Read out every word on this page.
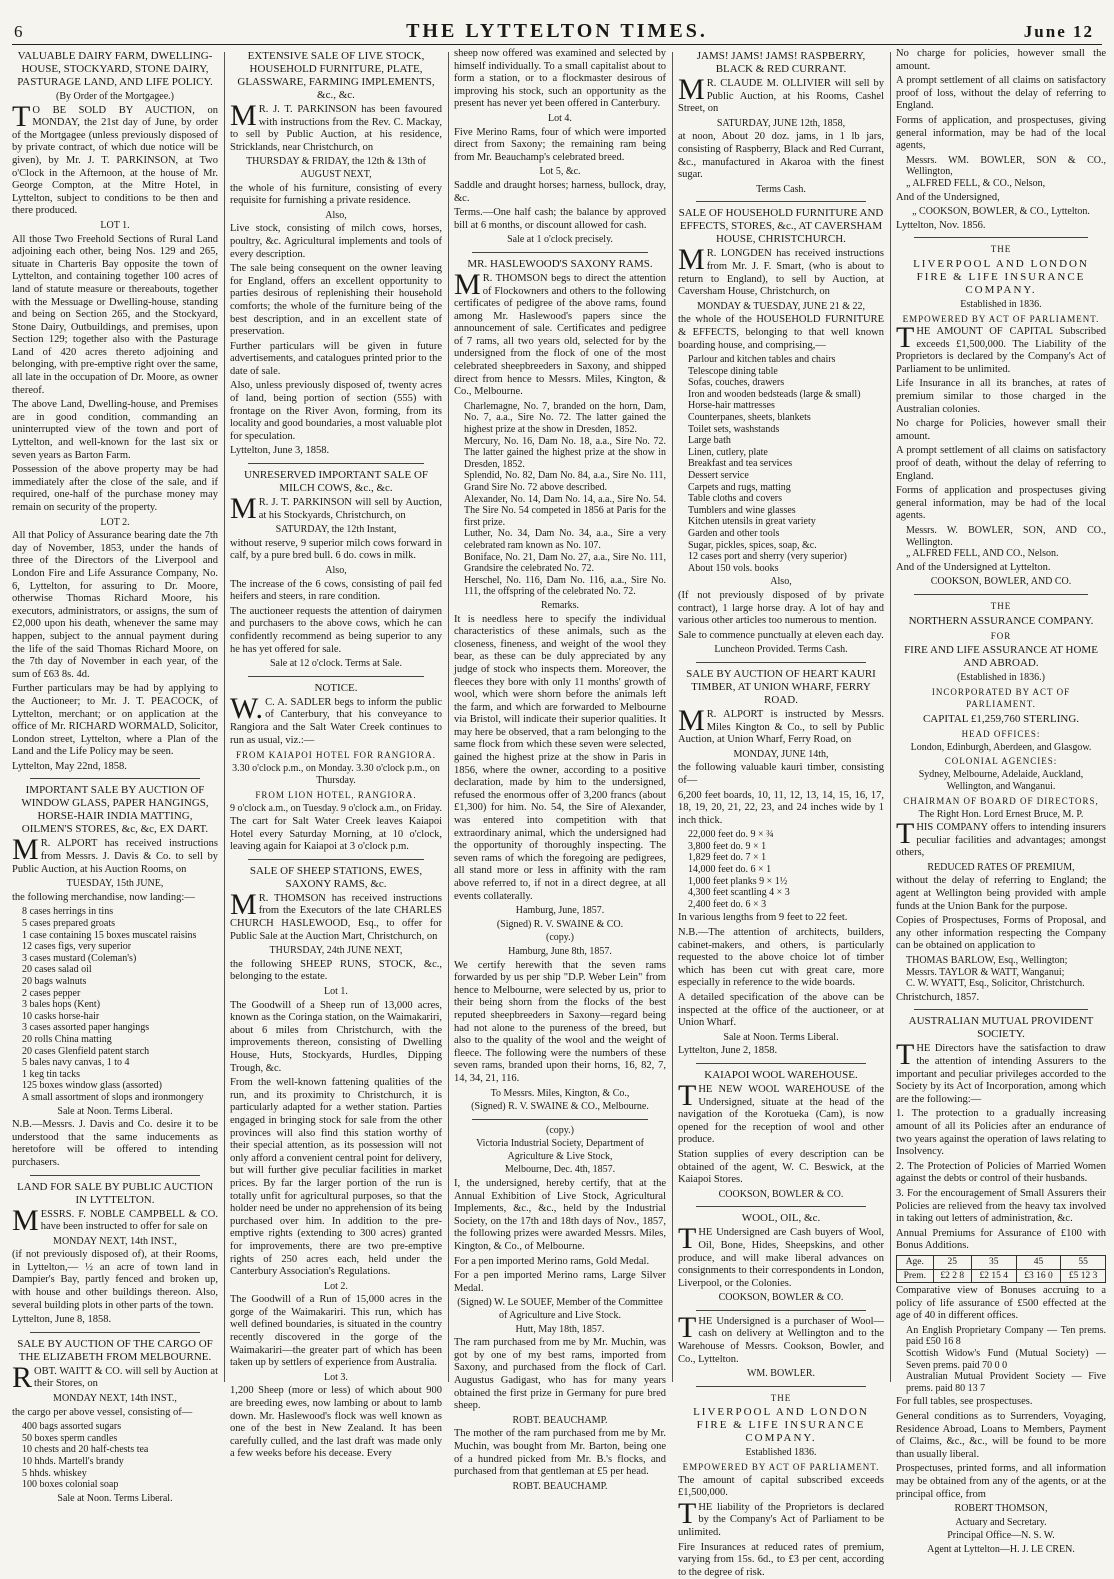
6	THE LYTTELTON TIMES.	June 12
VALUABLE DAIRY FARM, DWELLING-HOUSE, STOCKYARD, STONE DAIRY, PASTURAGE LAND, AND LIFE POLICY.
(By Order of the Mortgagee.)

TO BE SOLD BY AUCTION, on MONDAY, the 21st day of June, by order of the Mortgagee (unless previously disposed of by private contract, of which due notice will be given), by Mr. J. T. PARKINSON, at Two o'Clock in the Afternoon, at the house of Mr. George Compton, at the Mitre Hotel, in Lyttelton, subject to conditions to be then and there produced.

LOT 1.

All those Two Freehold Sections of Rural Land adjoining each other, being Nos. 129 and 265, situate in Charteris Bay opposite the town of Lyttelton, and containing together 100 acres of land of statute measure or thereabouts, together with the Messuage or Dwelling-house, standing and being on Section 265, and the Stockyard, Stone Dairy, Outbuildings, and premises, upon Section 129; together also with the Pasturage Land of 420 acres thereto adjoining and belonging, with pre-emptive right over the same, all late in the occupation of Dr. Moore, as owner thereof.

The above Land, Dwelling-house, and Premises are in good condition, commanding an uninterrupted view of the town and port of Lyttelton, and well-known for the last six or seven years as Barton Farm.

Possession of the above property may be had immediately after the close of the sale, and if required, one-half of the purchase money may remain on security of the property.

LOT 2.

All that Policy of Assurance bearing date the 7th day of November, 1853, under the hands of three of the Directors of the Liverpool and London Fire and Life Assurance Company, No. 6, Lyttelton, for assuring to Dr. Moore, otherwise Thomas Richard Moore, his executors, administrators, or assigns, the sum of £2,000 upon his death, whenever the same may happen, subject to the annual payment during the life of the said Thomas Richard Moore, on the 7th day of November in each year, of the sum of £63 8s. 4d.

Further particulars may be had by applying to the Auctioneer; to Mr. J. T. PEACOCK, of Lyttelton, merchant; or on application at the office of Mr. RICHARD WORMALD, Solicitor, London street, Lyttelton, where a Plan of the Land and the Life Policy may be seen.

Lyttelton, May 22nd, 1858.

IMPORTANT SALE BY AUCTION OF WINDOW GLASS, PAPER HANGINGS, HORSE-HAIR INDIA MATTING, OILMEN'S STORES, &c, &c, EX DART.

MR. ALPORT has received instructions from Messrs. J. Davis & Co. to sell by Public Auction, at his Auction Rooms, on

TUESDAY, 15th JUNE,

the following merchandise, now landing:—

8 cases herrings in tins
5 cases prepared groats
1 case containing 15 boxes muscatel raisins
12 cases figs, very superior
3 cases mustard (Coleman's)
20 cases salad oil
20 bags walnuts
2 cases pepper
3 bales hops (Kent)
10 casks horse-hair
3 cases assorted paper hangings
20 rolls China matting
20 cases Glenfield patent starch
5 bales navy canvas, 1 to 4
1 keg tin tacks
125 boxes window glass (assorted)
A small assortment of slops and ironmongery
Sale at Noon. Terms Liberal.

N.B.—Messrs. J. Davis and Co. desire it to be understood that the same inducements as heretofore will be offered to intending purchasers.

LAND FOR SALE BY PUBLIC AUCTION IN LYTTELTON.

MESSRS. F. NOBLE CAMPBELL & CO. have been instructed to offer for sale on

MONDAY NEXT, 14th INST.,

(if not previously disposed of), at their Rooms, in Lyttelton,— ½ an acre of town land in Dampier's Bay, partly fenced and broken up, with house and other buildings thereon. Also, several building plots in other parts of the town.

Lyttelton, June 8, 1858.

SALE BY AUCTION OF THE CARGO OF THE ELIZABETH FROM MELBOURNE.

ROBT. WAITT & CO. will sell by Auction at their Stores, on

MONDAY NEXT, 14th INST.,

the cargo per above vessel, consisting of—

400 bags assorted sugars
50 boxes sperm candles
10 chests and 20 half-chests tea
10 hhds. Martell's brandy
5 hhds. whiskey
100 boxes colonial soap
Sale at Noon. Terms Liberal.
EXTENSIVE SALE OF LIVE STOCK, HOUSEHOLD FURNITURE, PLATE, GLASSWARE, FARMING IMPLEMENTS, &c., &c.

MR. J. T. PARKINSON has been favoured with instructions from the Rev. C. Mackay, to sell by Public Auction, at his residence, Stricklands, near Christchurch, on

THURSDAY & FRIDAY, the 12th & 13th of AUGUST NEXT,

the whole of his furniture, consisting of every requisite for furnishing a private residence.

Also,

Live stock, consisting of milch cows, horses, poultry, &c. Agricultural implements and tools of every description.

The sale being consequent on the owner leaving for England, offers an excellent opportunity to parties desirous of replenishing their household comforts; the whole of the furniture being of the best description, and in an excellent state of preservation.

Further particulars will be given in future advertisements, and catalogues printed prior to the date of sale.

Also, unless previously disposed of, twenty acres of land, being portion of section (555) with frontage on the River Avon, forming, from its locality and good boundaries, a most valuable plot for speculation.

Lyttelton, June 3, 1858.

UNRESERVED IMPORTANT SALE OF MILCH COWS, &c., &c.

MR. J. T. PARKINSON will sell by Auction, at his Stockyards, Christchurch, on

SATURDAY, the 12th Instant,

without reserve, 9 superior milch cows forward in calf, by a pure bred bull. 6 do. cows in milk.

Also,

The increase of the 6 cows, consisting of pail fed heifers and steers, in rare condition.

The auctioneer requests the attention of dairymen and purchasers to the above cows, which he can confidently recommend as being superior to any he has yet offered for sale.

Sale at 12 o'clock. Terms at Sale.
NOTICE.

W.C. A. SADLER begs to inform the public of Canterbury, that his conveyance to Rangiora and the Salt Water Creek continues to run as usual, viz.:—

FROM KAIAPOI HOTEL FOR RANGIORA.
3.30 o'clock p.m., on Monday. 3.30 o'clock p.m., on Thursday.
FROM LION HOTEL, RANGIORA.
9 o'clock a.m., on Tuesday. 9 o'clock a.m., on Friday.

The cart for Salt Water Creek leaves Kaiapoi Hotel every Saturday Morning, at 10 o'clock, leaving again for Kaiapoi at 3 o'clock p.m.

SALE OF SHEEP STATIONS, EWES, SAXONY RAMS, &c.

MR. THOMSON has received instructions from the Executors of the late CHARLES CHURCH HASLEWOOD, Esq., to offer for Public Sale at the Auction Mart, Christchurch, on

THURSDAY, 24th JUNE NEXT,

the following SHEEP RUNS, STOCK, &c., belonging to the estate.

Lot 1.

The Goodwill of a Sheep run of 13,000 acres, known as the Coringa station, on the Waimakariri, about 6 miles from Christchurch, with the improvements thereon, consisting of Dwelling House, Huts, Stockyards, Hurdles, Dipping Trough, &c.

From the well-known fattening qualities of the run, and its proximity to Christchurch, it is particularly adapted for a wether station. Parties engaged in bringing stock for sale from the other provinces will also find this station worthy of their special attention, as its possession will not only afford a convenient central point for delivery, but will further give peculiar facilities in market prices. By far the larger portion of the run is totally unfit for agricultural purposes, so that the holder need be under no apprehension of its being purchased over him. In addition to the pre-emptive rights (extending to 300 acres) granted for improvements, there are two pre-emptive rights of 250 acres each, held under the Canterbury Association's Regulations.

Lot 2.

The Goodwill of a Run of 15,000 acres in the gorge of the Waimakariri. This run, which has well defined boundaries, is situated in the country recently discovered in the gorge of the Waimakariri—the greater part of which has been taken up by settlers of experience from Australia.

Lot 3.

1,200 Sheep (more or less) of which about 900 are breeding ewes, now lambing or about to lamb down. Mr. Haslewood's flock was well known as one of the best in New Zealand. It has been carefully culled, and the last draft was made only a few weeks before his decease. Every

sheep now offered was examined and selected by himself individually. To a small capitalist about to form a station, or to a flockmaster desirous of improving his stock, such an opportunity as the present has never yet been offered in Canterbury.

Lot 4.

Five Merino Rams, four of which were imported direct from Saxony; the remaining ram being from Mr. Beauchamp's celebrated breed.

Lot 5, &c.

Saddle and draught horses; harness, bullock, dray, &c.

Terms.—One half cash; the balance by approved bill at 6 months, or discount allowed for cash.

Sale at 1 o'clock precisely.
MR. HASLEWOOD'S SAXONY RAMS.

MR. THOMSON begs to direct the attention of Flockowners and others to the following certificates of pedigree of the above rams, found among Mr. Haslewood's papers since the announcement of sale. Certificates and pedigree of 7 rams, all two years old, selected for by the undersigned from the flock of one of the most celebrated sheepbreeders in Saxony, and shipped direct from hence to Messrs. Miles, Kington, & Co., Melbourne.

Charlemagne, No. 7, branded on the horn, Dam, No. 7, a.a., Sire No. 72. The latter gained the highest prize at the show in Dresden, 1852.
Mercury, No. 16, Dam No. 18, a.a., Sire No. 72. The latter gained the highest prize at the show in Dresden, 1852.
Splendid, No. 82, Dam No. 84, a.a., Sire No. 111, Grand Sire No. 72 above described.
Alexander, No. 14, Dam No. 14, a.a., Sire No. 54. The Sire No. 54 competed in 1856 at Paris for the first prize.
Luther, No. 34, Dam No. 34, a.a., Sire a very celebrated ram known as No. 107.
Boniface, No. 21, Dam No. 27, a.a., Sire No. 111, Grandsire the celebrated No. 72.
Herschel, No. 116, Dam No. 116, a.a., Sire No. 111, the offspring of the celebrated No. 72.
Remarks.

It is needless here to specify the individual characteristics of these animals, such as the closeness, fineness, and weight of the wool they bear, as these can be duly appreciated by any judge of stock who inspects them. Moreover, the fleeces they bore with only 11 months' growth of wool, which were shorn before the animals left the farm, and which are forwarded to Melbourne via Bristol, will indicate their superior qualities. It may here be observed, that a ram belonging to the same flock from which these seven were selected, gained the highest prize at the show in Paris in 1856, where the owner, according to a positive declaration, made by him to the undersigned, refused the enormous offer of 3,200 francs (about £1,300) for him. No. 54, the Sire of Alexander, was entered into competition with that extraordinary animal, which the undersigned had the opportunity of thoroughly inspecting. The seven rams of which the foregoing are pedigrees, all stand more or less in affinity with the ram above referred to, if not in a direct degree, at all events collaterally.

Hamburg, June, 1857.
(Signed) R. V. SWAINE & CO.
(copy.)
Hamburg, June 8th, 1857.

We certify herewith that the seven rams forwarded by us per ship "D.P. Weber Lein" from hence to Melbourne, were selected by us, prior to their being shorn from the flocks of the best reputed sheepbreeders in Saxony—regard being had not alone to the pureness of the breed, but also to the quality of the wool and the weight of fleece. The following were the numbers of these seven rams, branded upon their horns, 16, 82, 7, 14, 34, 21, 116.

To Messrs. Miles, Kington, & Co.,
(Signed) R. V. SWAINE & CO., Melbourne.
(copy.)
Victoria Industrial Society, Department of Agriculture & Live Stock,
Melbourne, Dec. 4th, 1857.

I, the undersigned, hereby certify, that at the Annual Exhibition of Live Stock, Agricultural Implements, &c., &c., held by the Industrial Society, on the 17th and 18th days of Nov., 1857, the following prizes were awarded Messrs. Miles, Kington, & Co., of Melbourne.

For a pen imported Merino rams, Gold Medal.

For a pen imported Merino rams, Large Silver Medal.

(Signed) W. Le SOUEF, Member of the Committee of Agriculture and Live Stock.
Hutt, May 18th, 1857.

The ram purchased from me by Mr. Muchin, was got by one of my best rams, imported from Saxony, and purchased from the flock of Carl. Augustus Gadigast, who has for many years obtained the first prize in Germany for pure bred sheep.

ROBT. BEAUCHAMP.

The mother of the ram purchased from me by Mr. Muchin, was bought from Mr. Barton, being one of a hundred picked from Mr. B.'s flocks, and purchased from that gentleman at £5 per head.

ROBT. BEAUCHAMP.
JAMS! JAMS! JAMS! RASPBERRY, BLACK & RED CURRANT.

MR. CLAUDE M. OLLIVIER will sell by Public Auction, at his Rooms, Cashel Street, on

SATURDAY, JUNE 12th, 1858,

at noon, About 20 doz. jams, in 1 lb jars, consisting of Raspberry, Black and Red Currant, &c., manufactured in Akaroa with the finest sugar.

Terms Cash.
SALE OF HOUSEHOLD FURNITURE AND EFFECTS, STORES, &c., AT CAVERSHAM HOUSE, CHRISTCHURCH.

MR. LONGDEN has received instructions from Mr. J. F. Smart, (who is about to return to England), to sell by Auction, at Caversham House, Christchurch, on

MONDAY & TUESDAY, JUNE 21 & 22,

the whole of the HOUSEHOLD FURNITURE & EFFECTS, belonging to that well known boarding house, and comprising,—

Parlour and kitchen tables and chairs
Telescope dining table
Sofas, couches, drawers
Iron and wooden bedsteads (large & small)
Horse-hair mattresses
Counterpanes, sheets, blankets
Toilet sets, washstands
Large bath
Linen, cutlery, plate
Breakfast and tea services
Dessert service
Carpets and rugs, matting
Table cloths and covers
Tumblers and wine glasses
Kitchen utensils in great variety
Garden and other tools
Sugar, pickles, spices, soap, &c.
12 cases port and sherry (very superior)
About 150 vols. books
Also,

(If not previously disposed of by private contract), 1 large horse dray. A lot of hay and various other articles too numerous to mention.

Sale to commence punctually at eleven each day.

Luncheon Provided. Terms Cash.
SALE BY AUCTION OF HEART KAURI TIMBER, AT UNION WHARF, FERRY ROAD.

MR. ALPORT is instructed by Messrs. Miles Kington & Co., to sell by Public Auction, at Union Wharf, Ferry Road, on

MONDAY, JUNE 14th,

the following valuable kauri timber, consisting of—

6,200 feet boards, 10, 11, 12, 13, 14, 15, 16, 17, 18, 19, 20, 21, 22, 23, and 24 inches wide by 1 inch thick.

22,000 feet do. 9 × ¾
3,800 feet do. 9 × 1
1,829 feet do. 7 × 1
14,000 feet do. 6 × 1
1,000 feet planks 9 × 1½
4,300 feet scantling 4 × 3
2,400 feet do. 6 × 3

In various lengths from 9 feet to 22 feet.

N.B.—The attention of architects, builders, cabinet-makers, and others, is particularly requested to the above choice lot of timber which has been cut with great care, more especially in reference to the wide boards.

A detailed specification of the above can be inspected at the office of the auctioneer, or at Union Wharf.

Sale at Noon. Terms Liberal.

Lyttelton, June 2, 1858.

KAIAPOI WOOL WAREHOUSE.

THE NEW WOOL WAREHOUSE of the Undersigned, situate at the head of the navigation of the Korotueka (Cam), is now opened for the reception of wool and other produce.

Station supplies of every description can be obtained of the agent, W. C. Beswick, at the Kaiapoi Stores.

COOKSON, BOWLER & CO.
WOOL, OIL, &c.

THE Undersigned are Cash buyers of Wool, Oil, Bone, Hides, Sheepskins, and other produce, and will make liberal advances on consignments to their correspondents in London, Liverpool, or the Colonies.

COOKSON, BOWLER & CO.

THE Undersigned is a purchaser of Wool—cash on delivery at Wellington and to the Warehouse of Messrs. Cookson, Bowler, and Co., Lyttelton.

WM. BOWLER.
THE
LIVERPOOL AND LONDON FIRE & LIFE INSURANCE COMPANY.
Established 1836.
EMPOWERED BY ACT OF PARLIAMENT.

The amount of capital subscribed exceeds £1,500,000.

THE liability of the Proprietors is declared by the Company's Act of Parliament to be unlimited.

Fire Insurances at reduced rates of premium, varying from 15s. 6d., to £3 per cent, according to the degree of risk.

No charge for policies, however small the amount.

A prompt settlement of all claims on satisfactory proof of loss, without the delay of referring to England.

Forms of application, and prospectuses, giving general information, may be had of the local agents,

Messrs. WM. BOWLER, SON & CO., Wellington,
„ ALFRED FELL, & CO., Nelson,

And of the Undersigned,

„ COOKSON, BOWLER, & CO., Lyttelton.

Lyttelton, Nov. 1856.

THE
LIVERPOOL AND LONDON FIRE & LIFE INSURANCE COMPANY.
Established in 1836.
EMPOWERED BY ACT OF PARLIAMENT.

THE AMOUNT OF CAPITAL Subscribed exceeds £1,500,000. The Liability of the Proprietors is declared by the Company's Act of Parliament to be unlimited.

Life Insurance in all its branches, at rates of premium similar to those charged in the Australian colonies.

No charge for Policies, however small their amount.

A prompt settlement of all claims on satisfactory proof of death, without the delay of referring to England.

Forms of application and prospectuses giving general information, may be had of the local agents.

Messrs. W. BOWLER, SON, AND CO., Wellington.
„ ALFRED FELL, AND CO., Nelson.

And of the Undersigned at Lyttelton.

COOKSON, BOWLER, AND CO.
THE
NORTHERN ASSURANCE COMPANY.
FOR
FIRE AND LIFE ASSURANCE AT HOME AND ABROAD.
(Established in 1836.)
INCORPORATED BY ACT OF PARLIAMENT.
CAPITAL £1,259,760 STERLING.
HEAD OFFICES:
London, Edinburgh, Aberdeen, and Glasgow.
COLONIAL AGENCIES:
Sydney, Melbourne, Adelaide, Auckland, Wellington, and Wanganui.
CHAIRMAN OF BOARD OF DIRECTORS,
The Right Hon. Lord Ernest Bruce, M. P.

THIS COMPANY offers to intending insurers peculiar facilities and advantages; amongst others,

REDUCED RATES OF PREMIUM,

without the delay of referring to England; the agent at Wellington being provided with ample funds at the Union Bank for the purpose.

Copies of Prospectuses, Forms of Proposal, and any other information respecting the Company can be obtained on application to

THOMAS BARLOW, Esq., Wellington;
Messrs. TAYLOR & WATT, Wanganui;
C. W. WYATT, Esq., Solicitor, Christchurch.

Christchurch, 1857.

AUSTRALIAN MUTUAL PROVIDENT SOCIETY.

THE Directors have the satisfaction to draw the attention of intending Assurers to the important and peculiar privileges accorded to the Society by its Act of Incorporation, among which are the following:—

1. The protection to a gradually increasing amount of all its Policies after an endurance of two years against the operation of laws relating to Insolvency.

2. The Protection of Policies of Married Women against the debts or control of their husbands.

3. For the encouragement of Small Assurers their Policies are relieved from the heavy tax involved in taking out letters of administration, &c.

Annual Premiums for Assurance of £100 with Bonus Additions.

Age.	25	35	45	55
Prem.	£2 2 8	£2 15 4	£3 16 0	£5 12 3

Comparative view of Bonuses accruing to a policy of life assurance of £500 effected at the age of 40 in different offices.

An English Proprietary Company — Ten prems. paid £50 16 8
Scottish Widow's Fund (Mutual Society) — Seven prems. paid 70 0 0
Australian Mutual Provident Society — Five prems. paid 80 13 7

For full tables, see prospectuses.

General conditions as to Surrenders, Voyaging, Residence Abroad, Loans to Members, Payment of Claims, &c., &c., will be found to be more than usually liberal.

Prospectuses, printed forms, and all information may be obtained from any of the agents, or at the principal office, from

ROBERT THOMSON,
Actuary and Secretary.
Principal Office—N. S. W.
Agent at Lyttelton—H. J. LE CREN.
